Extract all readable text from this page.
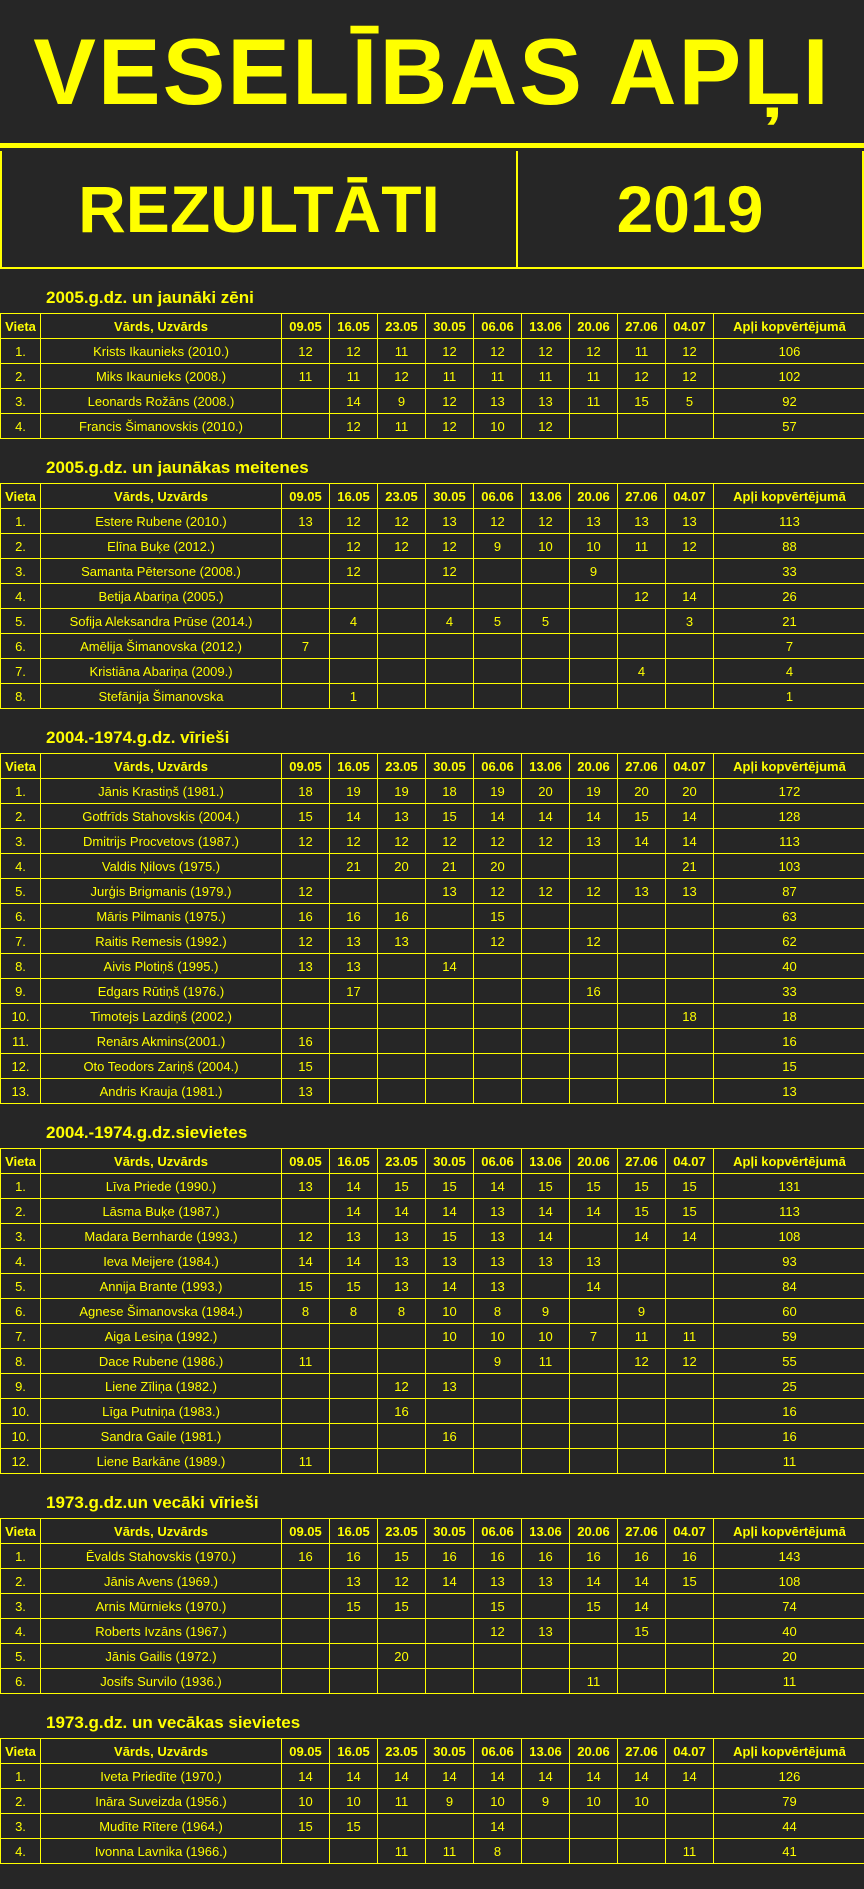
VESELĪBAS APĻI
REZULTĀTI	2019
2005.g.dz. un jaunāki zēni
Vieta	Vārds, Uzvārds	09.05	16.05	23.05	30.05	06.06	13.06	20.06	27.06	04.07	Apļi kopvērtējumā
1.	Krists Ikaunieks (2010.)	12	12	11	12	12	12	12	11	12	106
2.	Miks Ikaunieks (2008.)	11	11	12	11	11	11	11	12	12	102
3.	Leonards Rožāns (2008.)		14	9	12	13	13	11	15	5	92
4.	Francis Šimanovskis (2010.)		12	11	12	10	12				57
2005.g.dz. un jaunākas meitenes
Vieta	Vārds, Uzvārds	09.05	16.05	23.05	30.05	06.06	13.06	20.06	27.06	04.07	Apļi kopvērtējumā
1.	Estere Rubene (2010.)	13	12	12	13	12	12	13	13	13	113
2.	Elīna Buķe (2012.)		12	12	12	9	10	10	11	12	88
3.	Samanta Pētersone (2008.)		12		12			9			33
4.	Betija Abariņa (2005.)								12	14	26
5.	Sofija Aleksandra Prūse (2014.)		4		4	5	5			3	21
6.	Amēlija Šimanovska (2012.)	7									7
7.	Kristiāna Abariņa (2009.)								4		4
8.	Stefānija Šimanovska		1								1
2004.-1974.g.dz. vīrieši
Vieta	Vārds, Uzvārds	09.05	16.05	23.05	30.05	06.06	13.06	20.06	27.06	04.07	Apļi kopvērtējumā
1.	Jānis Krastiņš (1981.)	18	19	19	18	19	20	19	20	20	172
2.	Gotfrīds Stahovskis (2004.)	15	14	13	15	14	14	14	15	14	128
3.	Dmitrijs Procvetovs (1987.)	12	12	12	12	12	12	13	14	14	113
4.	Valdis Ņilovs (1975.)		21	20	21	20				21	103
5.	Jurģis Brigmanis (1979.)	12			13	12	12	12	13	13	87
6.	Māris Pilmanis (1975.)	16	16	16		15					63
7.	Raitis Remesis (1992.)	12	13	13		12		12			62
8.	Aivis Plotiņš (1995.)	13	13		14						40
9.	Edgars Rūtiņš (1976.)		17					16			33
10.	Timotejs Lazdiņš (2002.)									18	18
11.	Renārs Akmins(2001.)	16									16
12.	Oto Teodors Zariņš (2004.)	15									15
13.	Andris Krauja (1981.)	13									13
2004.-1974.g.dz.sievietes
Vieta	Vārds, Uzvārds	09.05	16.05	23.05	30.05	06.06	13.06	20.06	27.06	04.07	Apļi kopvērtējumā
1.	Līva Priede (1990.)	13	14	15	15	14	15	15	15	15	131
2.	Lāsma Buķe (1987.)		14	14	14	13	14	14	15	15	113
3.	Madara Bernharde (1993.)	12	13	13	15	13	14		14	14	108
4.	Ieva Meijere (1984.)	14	14	13	13	13	13	13			93
5.	Annija Brante (1993.)	15	15	13	14	13		14			84
6.	Agnese Šimanovska (1984.)	8	8	8	10	8	9		9		60
7.	Aiga Lesiņa (1992.)				10	10	10	7	11	11	59
8.	Dace Rubene (1986.)	11				9	11		12	12	55
9.	Liene Zīliņa (1982.)			12	13						25
10.	Līga Putniņa (1983.)			16							16
10.	Sandra Gaile (1981.)				16						16
12.	Liene Barkāne (1989.)	11									11
1973.g.dz.un vecāki vīrieši
Vieta	Vārds, Uzvārds	09.05	16.05	23.05	30.05	06.06	13.06	20.06	27.06	04.07	Apļi kopvērtējumā
1.	Ēvalds Stahovskis (1970.)	16	16	15	16	16	16	16	16	16	143
2.	Jānis Avens (1969.)		13	12	14	13	13	14	14	15	108
3.	Arnis Mūrnieks (1970.)		15	15		15		15	14		74
4.	Roberts Ivzāns (1967.)					12	13		15		40
5.	Jānis Gailis (1972.)			20							20
6.	Josifs Survilo (1936.)							11			11
1973.g.dz. un vecākas sievietes
Vieta	Vārds, Uzvārds	09.05	16.05	23.05	30.05	06.06	13.06	20.06	27.06	04.07	Apļi kopvērtējumā
1.	Iveta Priedīte (1970.)	14	14	14	14	14	14	14	14	14	126
2.	Ināra Suveizda (1956.)	10	10	11	9	10	9	10	10		79
3.	Mudīte Rītere (1964.)	15	15			14					44
4.	Ivonna Lavnika (1966.)			11	11	8				11	41
